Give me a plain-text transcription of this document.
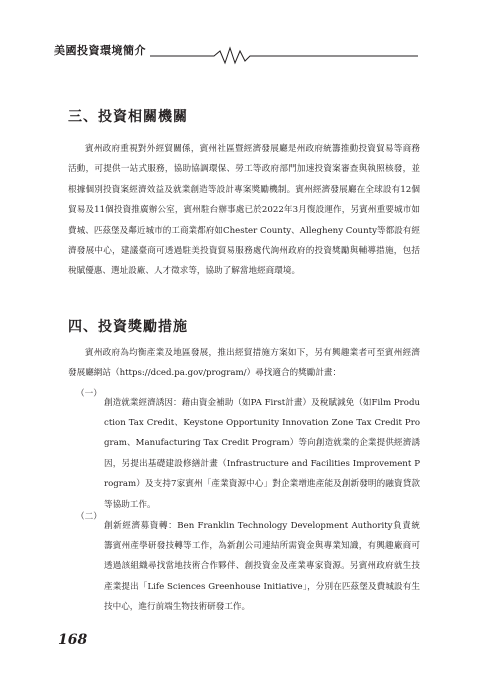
美國投資環境簡介
三、投資相關機關

賓州政府重視對外經貿關係，賓州社區暨經濟發展廳是州政府統籌推動投資貿易等商務活動，可提供一站式服務，協助協調環保、勞工等政府部門加速投資案審查與執照核發，並根據個別投資案經濟效益及就業創造等設計專案獎勵機制。賓州經濟發展廳在全球設有12個貿易及11個投資推廣辦公室，賓州駐台辦事處已於2022年3月復設運作，另賓州重要城市如費城、匹茲堡及鄰近城市的工商業都府如Chester County、Allegheny County等都設有經濟發展中心，建議臺商可透過駐美投資貿易服務處代詢州政府的投資獎勵與輔導措施，包括稅賦優惠、選址設廠、人才徵求等，協助了解當地經商環境。

四、投資獎勵措施

賓州政府為均衡產業及地區發展，推出經貿措施方案如下，另有興趣業者可至賓州經濟發展廳網站（https://dced.pa.gov/program/）尋找適合的獎勵計畫：

（一）

創造就業經濟誘因：藉由資金補助（如PA First計畫）及稅賦減免（如Film Production Tax Credit、Keystone Opportunity Innovation Zone Tax Credit Program、Manufacturing Tax Credit Program）等向創造就業的企業提供經濟誘因，另提出基礎建設修繕計畫（Infrastructure and Facilities Improvement Program）及支持7家賓州「產業資源中心」對企業增進產能及創新發明的融資貸款等協助工作。

（二）

創新經濟募資轉：Ben Franklin Technology Development Authority負責統籌賓州產學研發技轉等工作，為新創公司連結所需資金與專業知識，有興趣廠商可透過該組織尋找當地技術合作夥伴、創投資金及產業專家資源。另賓州政府就生技產業提出「Life Sciences Greenhouse Initiative」，分別在匹茲堡及費城設有生技中心，進行前端生物技術研發工作。

168
